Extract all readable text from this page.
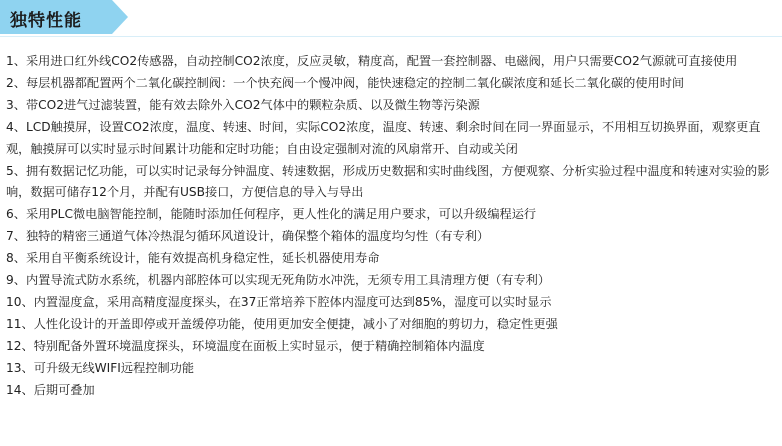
独特性能
1、采用进口红外线CO2传感器，自动控制CO2浓度，反应灵敏，精度高，配置一套控制器、电磁阀，用户只需要CO2气源就可直接使用
2、每层机器都配置两个二氧化碳控制阀：一个快充阀一个慢冲阀，能快速稳定的控制二氧化碳浓度和延长二氧化碳的使用时间
3、带CO2进气过滤装置，能有效去除外入CO2气体中的颗粒杂质、以及微生物等污染源
4、LCD触摸屏，设置CO2浓度，温度、转速、时间，实际CO2浓度，温度、转速、剩余时间在同一界面显示，不用相互切换界面，观察更直观，触摸屏可以实时显示时间累计功能和定时功能；自由设定强制对流的风扇常开、自动或关闭
5、拥有数据记忆功能，可以实时记录每分钟温度、转速数据，形成历史数据和实时曲线图，方便观察、分析实验过程中温度和转速对实验的影响，数据可储存12个月，并配有USB接口，方便信息的导入与导出
6、采用PLC微电脑智能控制，能随时添加任何程序，更人性化的满足用户要求，可以升级编程运行
7、独特的精密三通道气体冷热混匀循环风道设计，确保整个箱体的温度均匀性（有专利）
8、采用自平衡系统设计，能有效提高机身稳定性，延长机器使用寿命
9、内置导流式防水系统，机器内部腔体可以实现无死角防水冲洗，无须专用工具清理方便（有专利）
10、内置湿度盒，采用高精度湿度探头，在37正常培养下腔体内湿度可达到85%，湿度可以实时显示
11、人性化设计的开盖即停或开盖缓停功能，使用更加安全便捷，减小了对细胞的剪切力，稳定性更强
12、特别配备外置环境温度探头，环境温度在面板上实时显示，便于精确控制箱体内温度
13、可升级无线WIFI远程控制功能
14、后期可叠加
